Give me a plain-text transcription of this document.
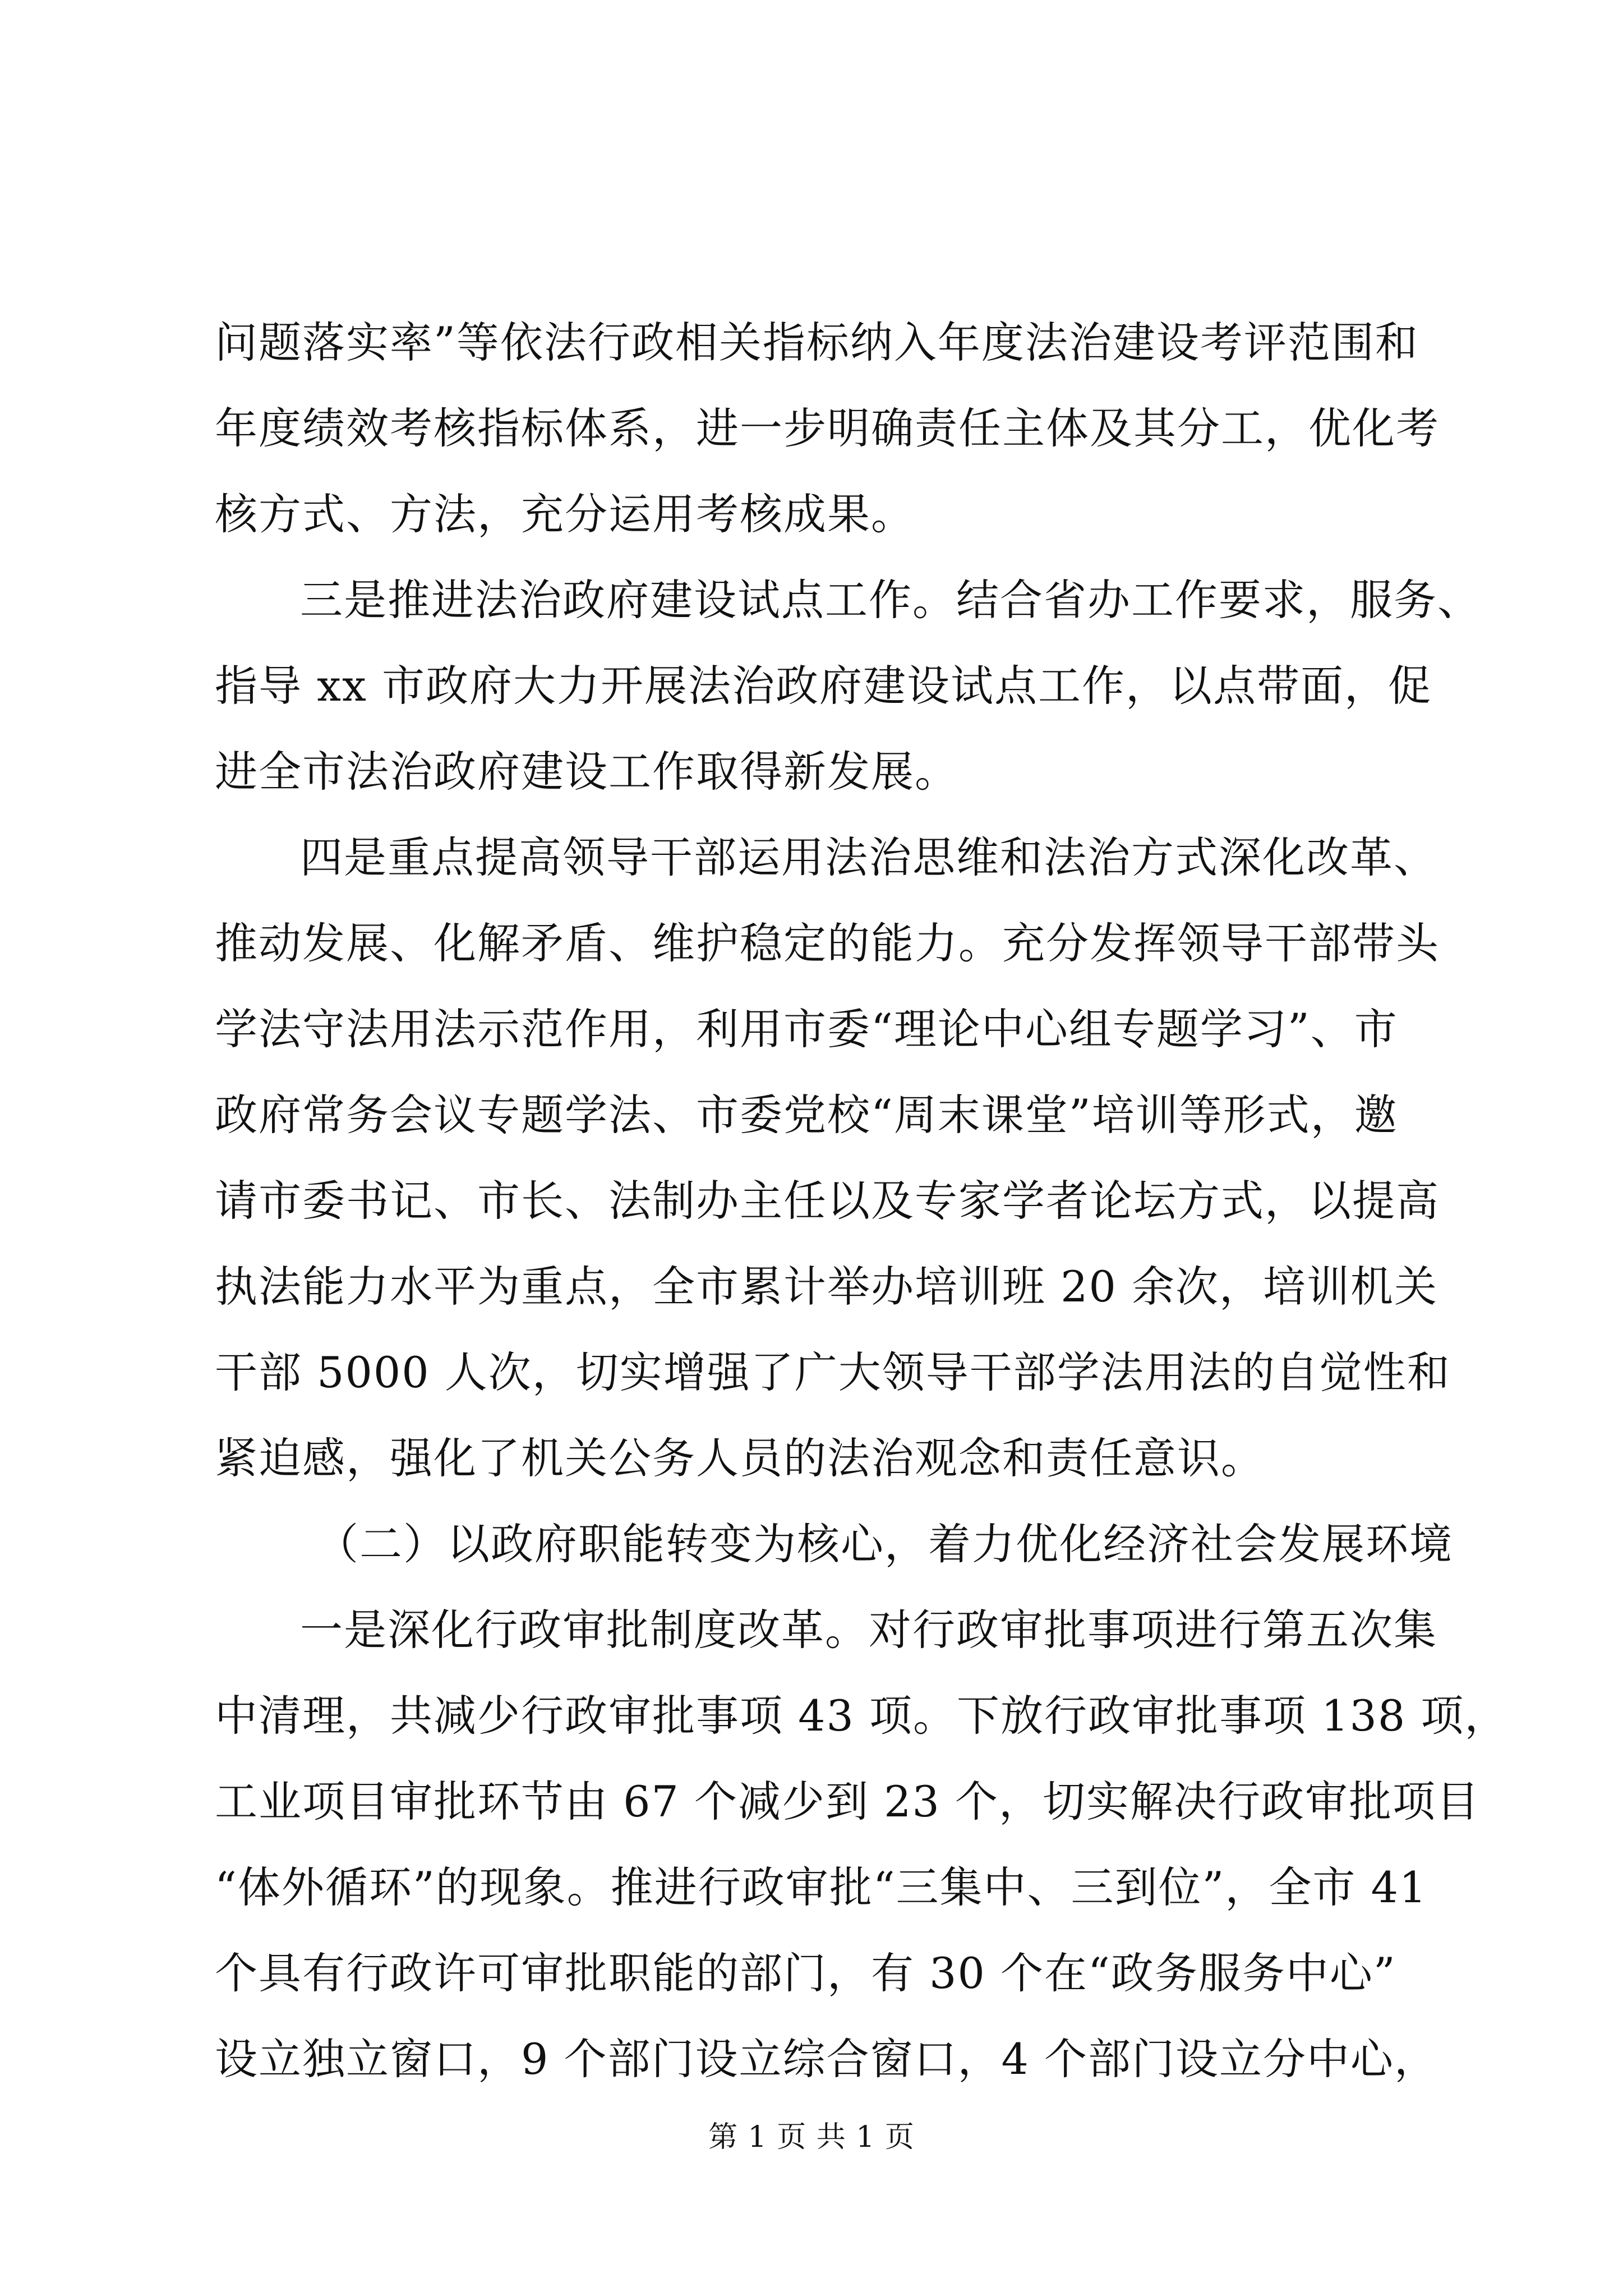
问题落实率”等依法行政相关指标纳入年度法治建设考评范围和
年度绩效考核指标体系，进一步明确责任主体及其分工，优化考
核方式、方法，充分运用考核成果。
三是推进法治政府建设试点工作。结合省办工作要求，服务、
指导 xx 市政府大力开展法治政府建设试点工作，以点带面，促
进全市法治政府建设工作取得新发展。
四是重点提高领导干部运用法治思维和法治方式深化改革、
推动发展、化解矛盾、维护稳定的能力。充分发挥领导干部带头
学法守法用法示范作用，利用市委“理论中心组专题学习”、市
政府常务会议专题学法、市委党校“周末课堂”培训等形式，邀
请市委书记、市长、法制办主任以及专家学者论坛方式，以提高
执法能力水平为重点，全市累计举办培训班 20 余次，培训机关
干部 5000 人次，切实增强了广大领导干部学法用法的自觉性和
紧迫感，强化了机关公务人员的法治观念和责任意识。
（二）以政府职能转变为核心，着力优化经济社会发展环境
一是深化行政审批制度改革。对行政审批事项进行第五次集
中清理，共减少行政审批事项 43 项。下放行政审批事项 138 项，
工业项目审批环节由 67 个减少到 23 个，切实解决行政审批项目
“体外循环”的现象。推进行政审批“三集中、三到位”，全市 41
个具有行政许可审批职能的部门，有 30 个在“政务服务中心”
设立独立窗口，9 个部门设立综合窗口，4 个部门设立分中心，
第 1 页 共 1 页
